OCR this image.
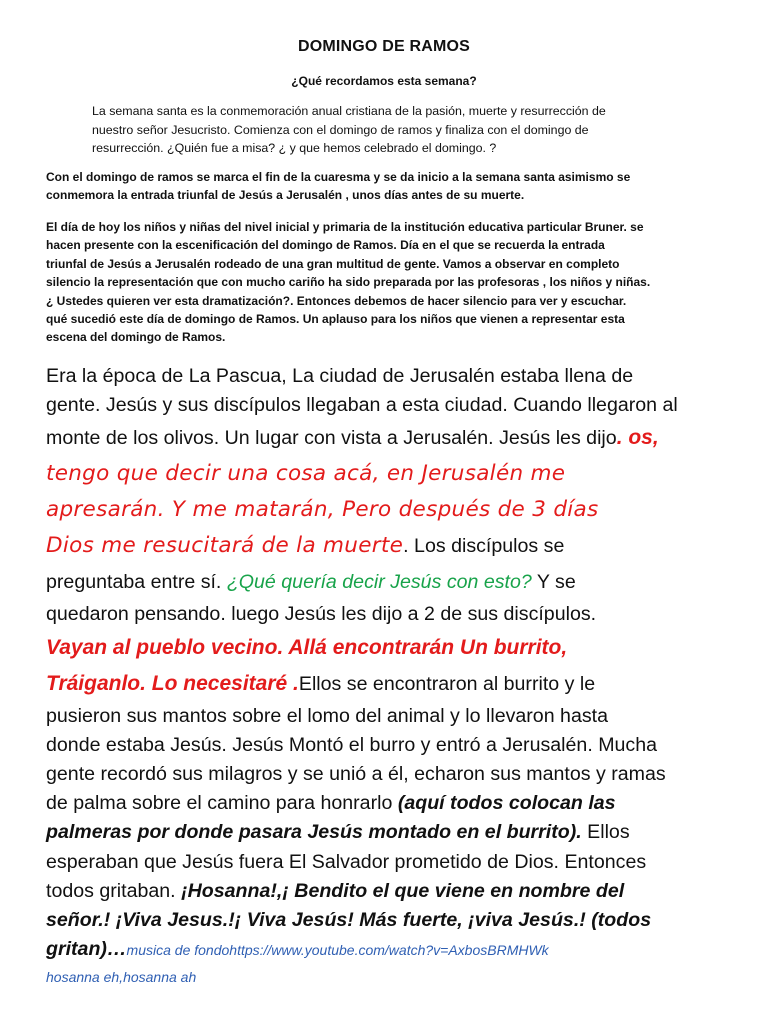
DOMINGO DE RAMOS
¿Qué recordamos esta semana?
La semana santa es la conmemoración anual cristiana de la pasión, muerte y resurrección de
nuestro señor Jesucristo. Comienza con el domingo de ramos y finaliza con el domingo de
resurrección. ¿Quién fue a misa? ¿ y que hemos celebrado el domingo. ?
Con el domingo de ramos se marca el fin de la cuaresma y se da inicio a la semana santa asimismo se
conmemora la entrada triunfal de Jesús a Jerusalén , unos días antes de su muerte.
El día de hoy los niños y niñas del nivel inicial y primaria de la institución educativa particular Bruner. se
hacen presente con la escenificación del domingo de Ramos. Día en el que se recuerda la entrada
triunfal de Jesús a Jerusalén rodeado de una gran multitud de gente. Vamos a observar en completo
silencio la representación que con mucho cariño ha sido preparada por las profesoras , los niños y niñas.
¿ Ustedes quieren ver esta dramatización?. Entonces debemos de hacer silencio para ver y escuchar.
qué sucedió este día de domingo de Ramos. Un aplauso para los niños que vienen a representar esta
escena del domingo de Ramos.
Era la época de La Pascua, La ciudad de Jerusalén estaba llena de
gente. Jesús y sus discípulos llegaban a esta ciudad. Cuando llegaron al
monte de los olivos. Un lugar con vista a Jerusalén. Jesús les dijo. os,
tengo que decir una cosa acá, en Jerusalén me
apresarán. Y me matarán, Pero después de 3 días
Dios me resucitará de la muerte. Los discípulos se
preguntaba entre sí. ¿Qué quería decir Jesús con esto? Y se
quedaron pensando. luego Jesús les dijo a 2 de sus discípulos.
Vayan al pueblo vecino. Allá encontrarán Un burrito,
Tráiganlo. Lo necesitaré .Ellos se encontraron al burrito y le
pusieron sus mantos sobre el lomo del animal y lo llevaron hasta
donde estaba Jesús. Jesús Montó el burro y entró a Jerusalén. Mucha
gente recordó sus milagros y se unió a él, echaron sus mantos y ramas
de palma sobre el camino para honrarlo (aquí todos colocan las
palmeras por donde pasara Jesús montado en el burrito). Ellos
esperaban que Jesús fuera El Salvador prometido de Dios. Entonces
todos gritaban. ¡Hosanna!,¡ Bendito el que viene en nombre del
señor.! ¡Viva Jesus.!¡ Viva Jesús! Más fuerte, ¡viva Jesús.! (todos
gritan)…musica de fondohttps://www.youtube.com/watch?v=AxbosBRMHWk
hosanna eh,hosanna ah
